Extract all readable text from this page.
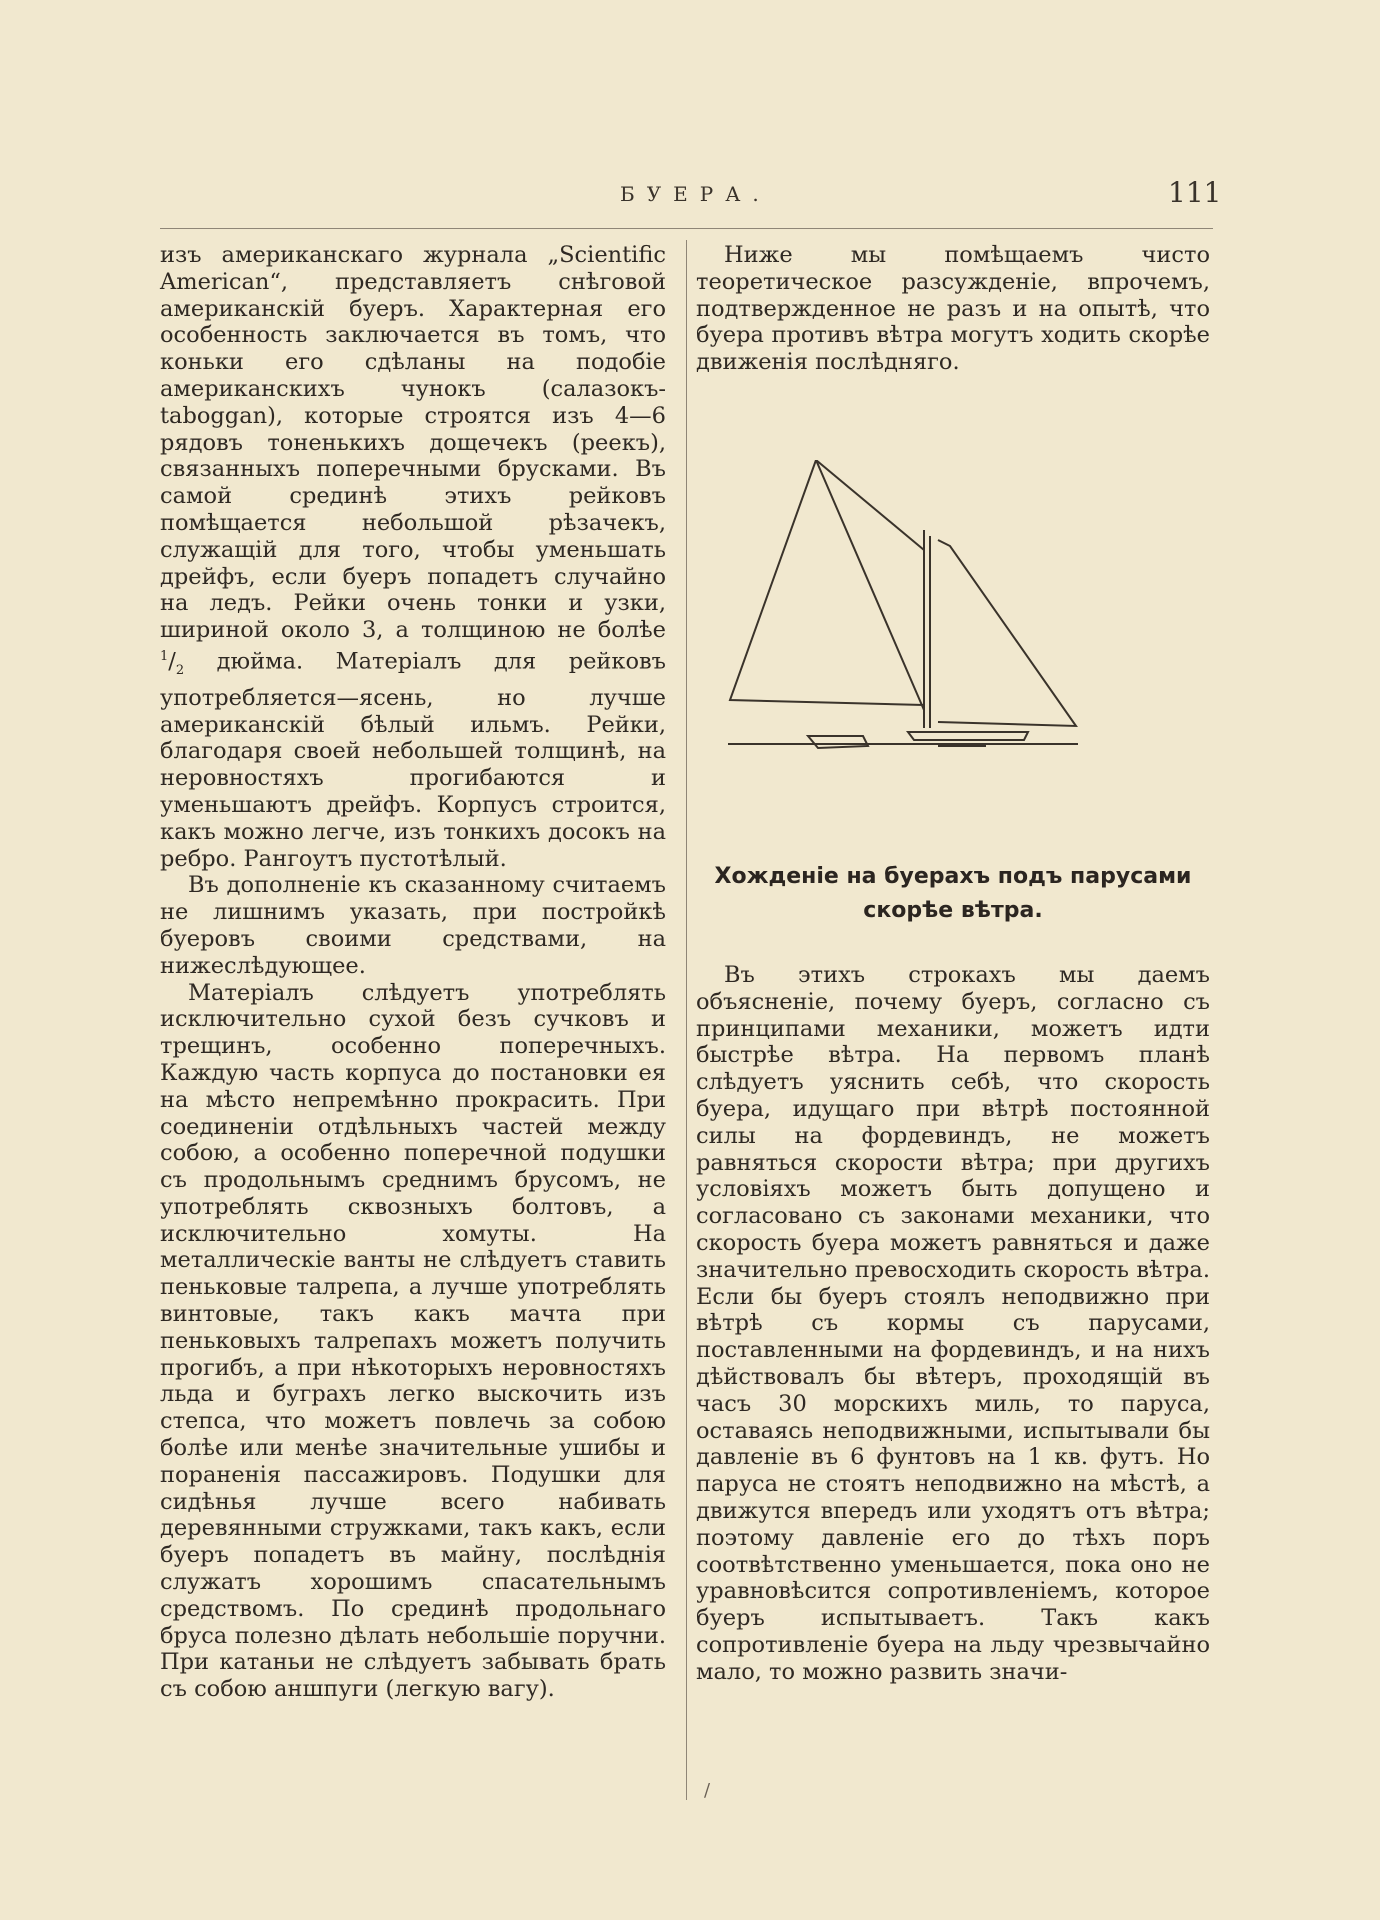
БУЕРА.	111

изъ американскаго журнала „Scientific American“, представляетъ снѣговой американскій буеръ. Характерная его особенность заключается въ томъ, что коньки его сдѣланы на подобіе американскихъ чунокъ (салазокъ-taboggan), которые строятся изъ 4—6 рядовъ тоненькихъ дощечекъ (реекъ), связанныхъ поперечными брусками. Въ самой срединѣ этихъ рейковъ помѣщается небольшой рѣзачекъ, служащій для того, чтобы уменьшать дрейфъ, если буеръ попадетъ случайно на ледъ. Рейки очень тонки и узки, шириной около 3, а толщиною не болѣе $^1/_2$ дюйма. Матеріалъ для рейковъ употребляется—ясень, но лучше американскій бѣлый ильмъ. Рейки, благодаря своей небольшей толщинѣ, на неровностяхъ прогибаются и уменьшаютъ дрейфъ. Корпусъ строится, какъ можно легче, изъ тонкихъ досокъ на ребро. Рангоутъ пустотѣлый.

Въ дополненіе къ сказанному считаемъ не лишнимъ указать, при постройкѣ буеровъ своими средствами, на нижеслѣдующее.

Матеріалъ слѣдуетъ употреблять исключительно сухой безъ сучковъ и трещинъ, особенно поперечныхъ. Каждую часть корпуса до постановки ея на мѣсто непремѣнно прокрасить. При соединеніи отдѣльныхъ частей между собою, а особенно поперечной подушки съ продольнымъ среднимъ брусомъ, не употреблять сквозныхъ болтовъ, а исключительно хомуты. На металлическіе ванты не слѣдуетъ ставить пеньковые талрепа, а лучше употреблять винтовые, такъ какъ мачта при пеньковыхъ талрепахъ можетъ получить прогибъ, а при нѣкоторыхъ неровностяхъ льда и буграхъ легко выскочить изъ степса, что можетъ повлечь за собою болѣе или менѣе значительные ушибы и пораненія пассажировъ. Подушки для сидѣнья лучше всего набивать деревянными стружками, такъ какъ, если буеръ попадетъ въ майну, послѣднія служатъ хорошимъ спасательнымъ средствомъ. По срединѣ продольнаго бруса полезно дѣлать небольшіе поручни. При катаньи не слѣдуетъ забывать брать съ собою аншпуги (легкую вагу).

Ниже мы помѣщаемъ чисто теоретическое разсужденіе, впрочемъ, подтвержденное не разъ и на опытѣ, что буера противъ вѣтра могутъ ходить скорѣе движенія послѣдняго.

Хожденіе на буерахъ подъ парусами
скорѣе вѣтра.

Въ этихъ строкахъ мы даемъ объясненіе, почему буеръ, согласно съ принципами механики, можетъ идти быстрѣе вѣтра. На первомъ планѣ слѣдуетъ уяснить себѣ, что скорость буера, идущаго при вѣтрѣ постоянной силы на фордевиндъ, не можетъ равняться скорости вѣтра; при другихъ условіяхъ можетъ быть допущено и согласовано съ законами механики, что скорость буера можетъ равняться и даже значительно превосходить скорость вѣтра. Если бы буеръ стоялъ неподвижно при вѣтрѣ съ кормы съ парусами, поставленными на фордевиндъ, и на нихъ дѣйствовалъ бы вѣтеръ, проходящій въ часъ 30 морскихъ миль, то паруса, оставаясь неподвижными, испытывали бы давленіе въ 6 фунтовъ на 1 кв. футъ. Но паруса не стоятъ неподвижно на мѣстѣ, а движутся впередъ или уходятъ отъ вѣтра; поэтому давленіе его до тѣхъ поръ соотвѣтственно уменьшается, пока оно не уравновѣсится сопротивленіемъ, которое буеръ испытываетъ. Такъ какъ сопротивленіе буера на льду чрезвычайно мало, то можно развить значи-

/
